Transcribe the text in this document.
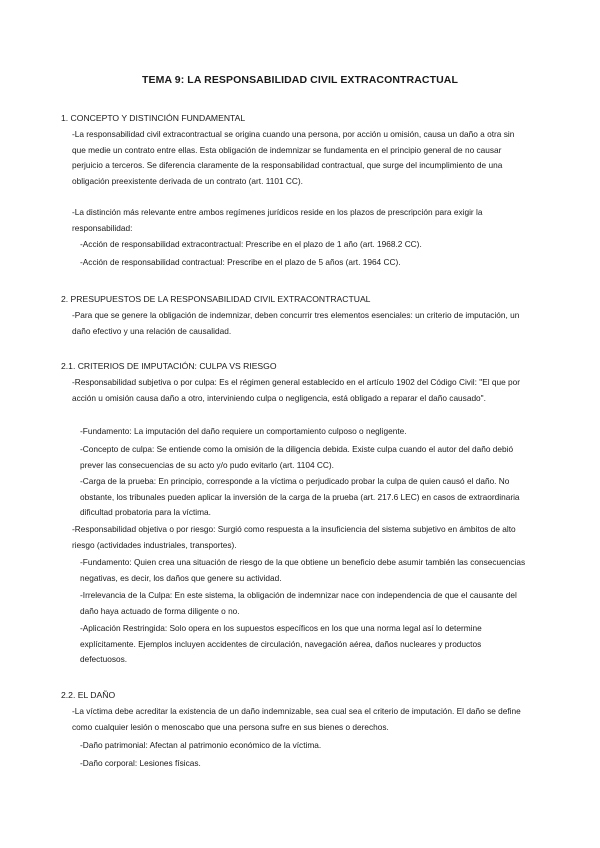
TEMA 9: LA RESPONSABILIDAD CIVIL EXTRACONTRACTUAL
1. CONCEPTO Y DISTINCIÓN FUNDAMENTAL

-La responsabilidad civil extracontractual se origina cuando una persona, por acción u omisión, causa un daño a otra sin que medie un contrato entre ellas. Esta obligación de indemnizar se fundamenta en el principio general de no causar perjuicio a terceros. Se diferencia claramente de la responsabilidad contractual, que surge del incumplimiento de una obligación preexistente derivada de un contrato (art. 1101 CC).

-La distinción más relevante entre ambos regímenes jurídicos reside en los plazos de prescripción para exigir la responsabilidad:

-Acción de responsabilidad extracontractual: Prescribe en el plazo de 1 año (art. 1968.2 CC).

-Acción de responsabilidad contractual: Prescribe en el plazo de 5 años (art. 1964 CC).

2. PRESUPUESTOS DE LA RESPONSABILIDAD CIVIL EXTRACONTRACTUAL

-Para que se genere la obligación de indemnizar, deben concurrir tres elementos esenciales: un criterio de imputación, un daño efectivo y una relación de causalidad.

2.1. CRITERIOS DE IMPUTACIÓN: CULPA VS RIESGO

-Responsabilidad subjetiva o por culpa: Es el régimen general establecido en el artículo 1902 del Código Civil: "El que por acción u omisión causa daño a otro, interviniendo culpa o negligencia, está obligado a reparar el daño causado".

-Fundamento: La imputación del daño requiere un comportamiento culposo o negligente.

-Concepto de culpa: Se entiende como la omisión de la diligencia debida. Existe culpa cuando el autor del daño debió prever las consecuencias de su acto y/o pudo evitarlo (art. 1104 CC).

-Carga de la prueba: En principio, corresponde a la víctima o perjudicado probar la culpa de quien causó el daño. No obstante, los tribunales pueden aplicar la inversión de la carga de la prueba (art. 217.6 LEC) en casos de extraordinaria dificultad probatoria para la víctima.

-Responsabilidad objetiva o por riesgo: Surgió como respuesta a la insuficiencia del sistema subjetivo en ámbitos de alto riesgo (actividades industriales, transportes).

-Fundamento: Quien crea una situación de riesgo de la que obtiene un beneficio debe asumir también las consecuencias negativas, es decir, los daños que genere su actividad.

-Irrelevancia de la Culpa: En este sistema, la obligación de indemnizar nace con independencia de que el causante del daño haya actuado de forma diligente o no.

-Aplicación Restringida: Solo opera en los supuestos específicos en los que una norma legal así lo determine explícitamente. Ejemplos incluyen accidentes de circulación, navegación aérea, daños nucleares y productos defectuosos.

2.2. EL DAÑO

-La víctima debe acreditar la existencia de un daño indemnizable, sea cual sea el criterio de imputación. El daño se define como cualquier lesión o menoscabo que una persona sufre en sus bienes o derechos.

-Daño patrimonial: Afectan al patrimonio económico de la víctima.

-Daño corporal: Lesiones físicas.
